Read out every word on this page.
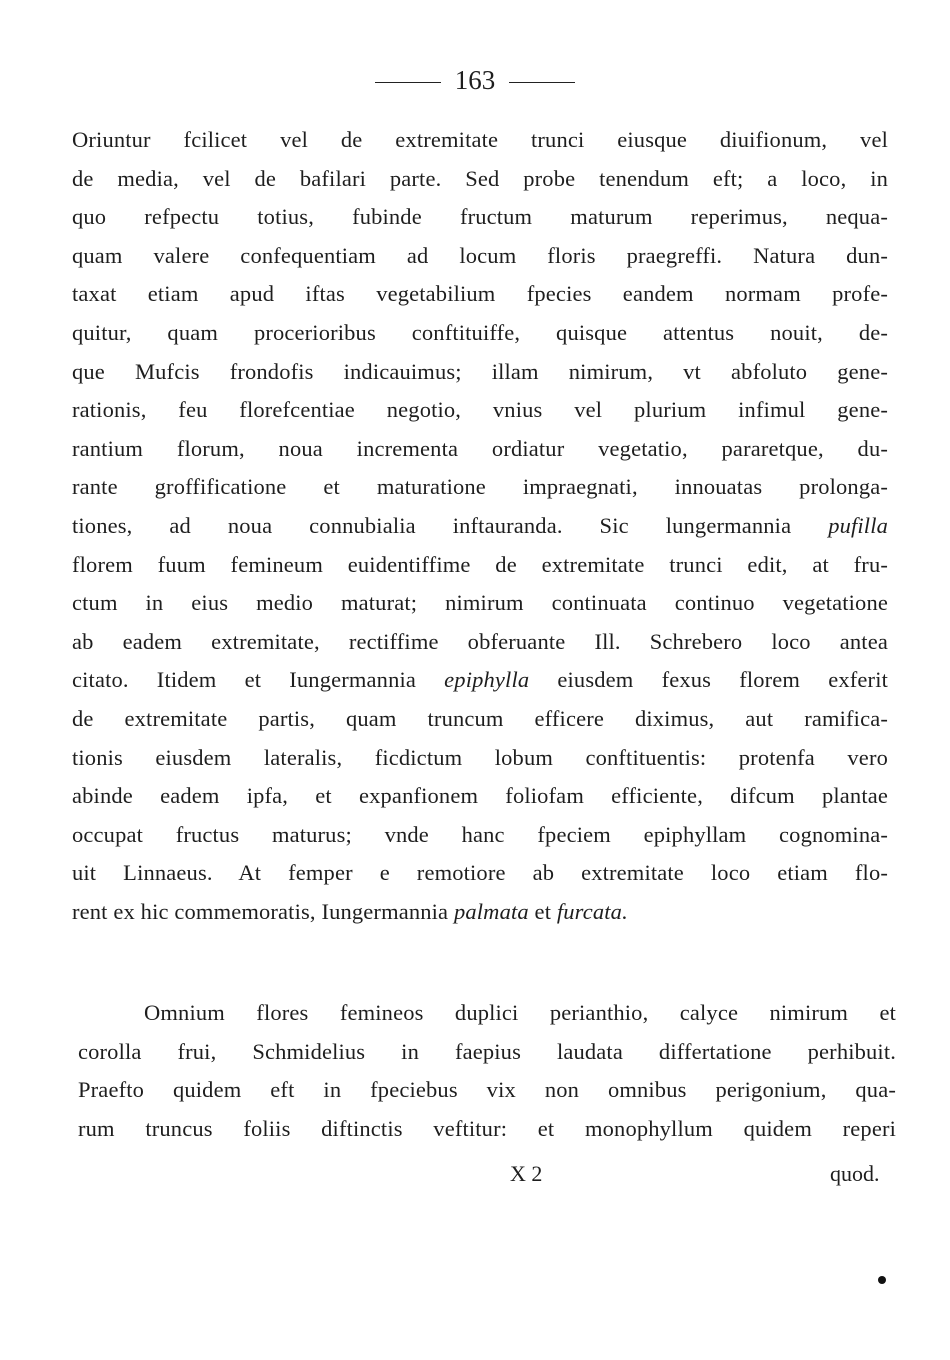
163
Oriuntur fcilicet vel de extremitate trunci eiusque diuifionum, vel
de media, vel de bafilari parte. Sed probe tenendum eft; a loco, in
quo refpectu totius, fubinde fructum maturum reperimus, nequa-
quam valere confequentiam ad locum floris praegreffi. Natura dun-
taxat etiam apud iftas vegetabilium fpecies eandem normam profe-
quitur, quam procerioribus conftituiffe, quisque attentus nouit, de-
que Mufcis frondofis indicauimus; illam nimirum, vt abfoluto gene-
rationis, feu florefcentiae negotio, vnius vel plurium infimul gene-
rantium florum, noua incrementa ordiatur vegetatio, pararetque, du-
rante groffificatione et maturatione impraegnati, innouatas prolonga-
tiones, ad noua connubialia inftauranda. Sic lungermannia pufilla
florem fuum femineum euidentiffime de extremitate trunci edit, at fru-
ctum in eius medio maturat; nimirum continuata continuo vegetatione
ab eadem extremitate, rectiffime obferuante Ill. Schrebero loco antea
citato. Itidem et Iungermannia epiphylla eiusdem fexus florem exferit
de extremitate partis, quam truncum efficere diximus, aut ramifica-
tionis eiusdem lateralis, ficdictum lobum conftituentis: protenfa vero
abinde eadem ipfa, et expanfionem foliofam efficiente, difcum plantae
occupat fructus maturus; vnde hanc fpeciem epiphyllam cognomina-
uit Linnaeus. At femper e remotiore ab extremitate loco etiam flo-
rent ex hic commemoratis, Iungermannia palmata et furcata.
Omnium flores femineos duplici perianthio, calyce nimirum et
corolla frui, Schmidelius in faepius laudata differtatione perhibuit.
Praefto quidem eft in fpeciebus vix non omnibus perigonium, qua-
rum truncus foliis diftinctis veftitur: et monophyllum quidem reperi
X 2	quod.
